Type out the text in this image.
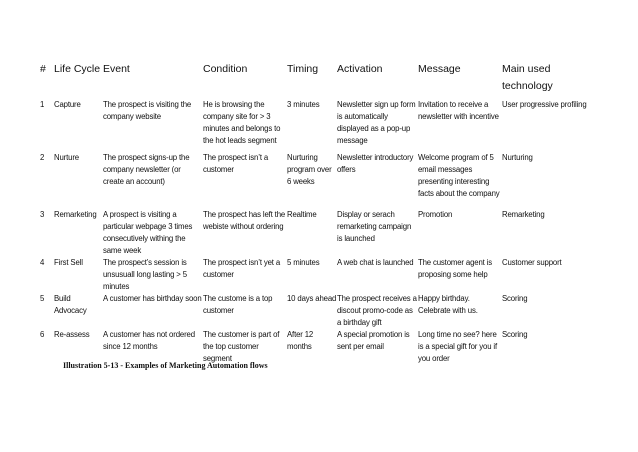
#	Life Cycle	Event	Condition	Timing	Activation	Message	Main used technology
1	Capture	The prospect is visiting the company website	He is browsing the company site for > 3 minutes and belongs to the hot leads segment	3 minutes	Newsletter sign up form is automatically displayed as a pop-up message	Invitation to receive a newsletter with incentive	User progressive profiling
2	Nurture	The prospect signs-up the company newsletter (or create an account)	The prospect isn’t a customer	Nurturing program over 6 weeks	Newsletter introductory offers	Welcome program of 5 email messages presenting interesting facts about the company	Nurturing
3	Remarketing	A prospect is visiting a particular webpage 3 times consecutively withing the same week	The prospect has left the webiste without ordering	Realtime	Display or serach remarketing campaign is launched	Promotion	Remarketing
4	First Sell	The prospect’s session is unsusuall long lasting > 5 minutes	The prospect isn’t yet a customer	5 minutes	A web chat is launched	The customer agent is proposing some help	Customer support
5	Build Advocacy	A customer has birthday soon	The custome is a top customer	10 days ahead	The prospect receives a discout promo-code as a birthday gift	Happy birthday. Celebrate with us.	Scoring
6	Re-assess	A customer has not ordered since 12 months	The customer is part of the top customer segment	After 12 months	A special promotion is sent per email	Long time no see? here is a special gift for you if you order	Scoring
Illustration 5-13 - Examples of Marketing Automation flows
